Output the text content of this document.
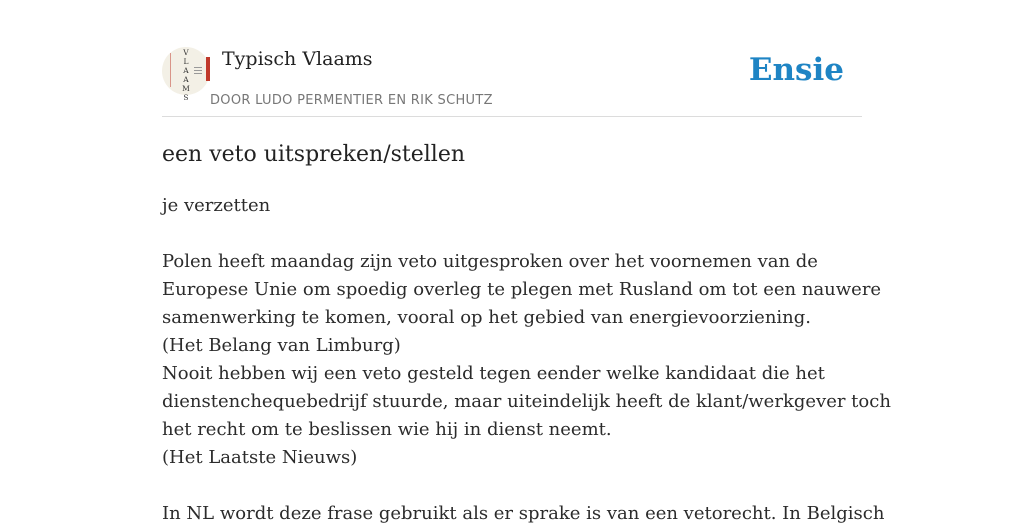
V
L
A
A
M
S
Typisch Vlaams
DOOR LUDO PERMENTIER EN RIK SCHUTZ
Ensie
een veto uitspreken/stellen
je verzetten
Polen heeft maandag zijn veto uitgesproken over het voornemen van de
Europese Unie om spoedig overleg te plegen met Rusland om tot een nauwere
samenwerking te komen, vooral op het gebied van energievoorziening.
(Het Belang van Limburg)
Nooit hebben wij een veto gesteld tegen eender welke kandidaat die het
dienstenchequebedrijf stuurde, maar uiteindelijk heeft de klant/werkgever toch
het recht om te beslissen wie hij in dienst neemt.
(Het Laatste Nieuws)
In NL wordt deze frase gebruikt als er sprake is van een vetorecht. In Belgisch
